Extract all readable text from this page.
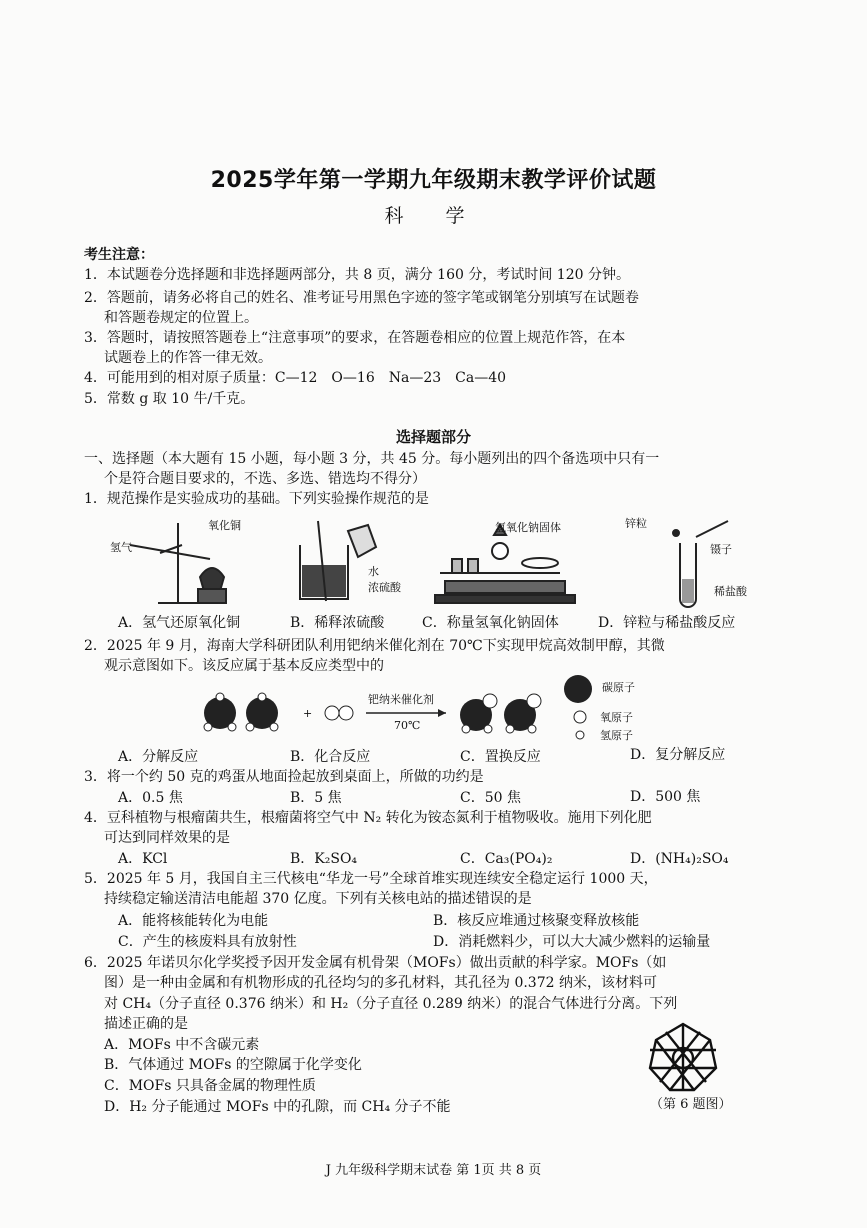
2025学年第一学期九年级期末教学评价试题
科 学
考生注意：
1．本试题卷分选择题和非选择题两部分，共 8 页，满分 160 分，考试时间 120 分钟。
2．答题前，请务必将自己的姓名、准考证号用黑色字迹的签字笔或钢笔分别填写在试题卷
和答题卷规定的位置上。
3．答题时，请按照答题卷上“注意事项”的要求，在答题卷相应的位置上规范作答，在本
试题卷上的作答一律无效。
4．可能用到的相对原子质量：C—12　O—16　Na—23　Ca—40
5．常数 g 取 10 牛/千克。
选择题部分
一、选择题（本大题有 15 小题，每小题 3 分，共 45 分。每小题列出的四个备选项中只有一
个是符合题目要求的，不选、多选、错选均不得分）
1．规范操作是实验成功的基础。下列实验操作规范的是
氧化铜
氢气
水
浓硫酸
氢氧化钠固体	锌粒
镊子
稀盐酸
A．氢气还原氧化铜	B．稀释浓硫酸	C．称量氢氧化钠固体	D．锌粒与稀盐酸反应
2．2025 年 9 月，海南大学科研团队利用钯纳米催化剂在 70℃下实现甲烷高效制甲醇，其微
观示意图如下。该反应属于基本反应类型中的
+
钯纳米催化剂
70℃
碳原子
氧原子
氢原子
A．分解反应	B．化合反应	C．置换反应	D．复分解反应
3．将一个约 50 克的鸡蛋从地面捡起放到桌面上，所做的功约是
A．0.5 焦	B．5 焦	C．50 焦	D．500 焦
4．豆科植物与根瘤菌共生，根瘤菌将空气中 N₂ 转化为铵态氮利于植物吸收。施用下列化肥
可达到同样效果的是
A．KCl	B．K₂SO₄	C．Ca₃(PO₄)₂	D．(NH₄)₂SO₄
5．2025 年 5 月，我国自主三代核电“华龙一号”全球首堆实现连续安全稳定运行 1000 天，
持续稳定输送清洁电能超 370 亿度。下列有关核电站的描述错误的是
A．能将核能转化为电能	B．核反应堆通过核聚变释放核能
C．产生的核废料具有放射性	D．消耗燃料少，可以大大减少燃料的运输量
6．2025 年诺贝尔化学奖授予因开发金属有机骨架（MOFs）做出贡献的科学家。MOFs（如
图）是一种由金属和有机物形成的孔径均匀的多孔材料，其孔径为 0.372 纳米，该材料可
对 CH₄（分子直径 0.376 纳米）和 H₂（分子直径 0.289 纳米）的混合气体进行分离。下列
描述正确的是
A．MOFs 中不含碳元素
B．气体通过 MOFs 的空隙属于化学变化
C．MOFs 只具备金属的物理性质
D．H₂ 分子能通过 MOFs 中的孔隙，而 CH₄ 分子不能	（第 6 题图）
J 九年级科学期末试卷 第 1页 共 8 页
